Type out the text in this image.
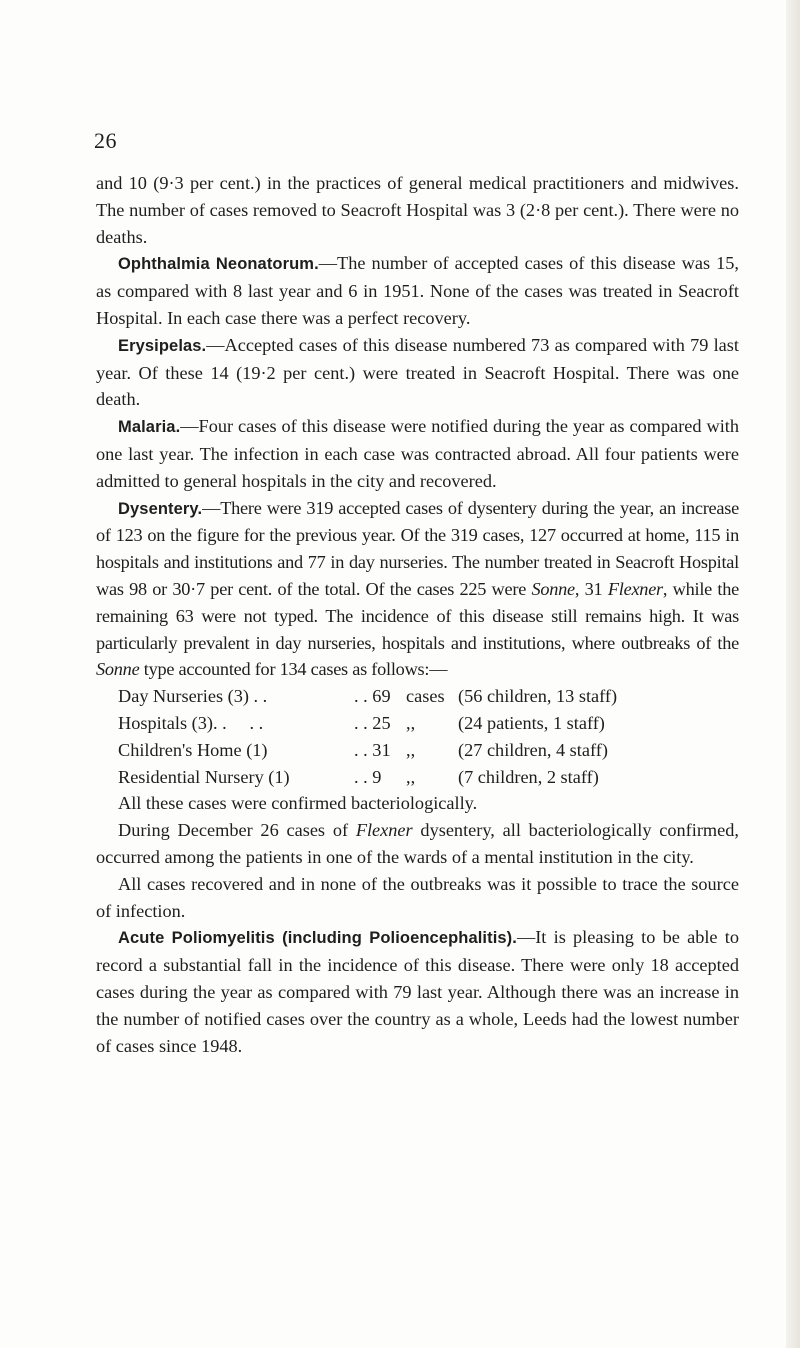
26

and 10 (9·3 per cent.) in the practices of general medical practitioners and midwives. The number of cases removed to Seacroft Hospital was 3 (2·8 per cent.). There were no deaths.

Ophthalmia Neonatorum.—The number of accepted cases of this disease was 15, as compared with 8 last year and 6 in 1951. None of the cases was treated in Seacroft Hospital. In each case there was a perfect recovery.

Erysipelas.—Accepted cases of this disease numbered 73 as compared with 79 last year. Of these 14 (19·2 per cent.) were treated in Seacroft Hospital. There was one death.

Malaria.—Four cases of this disease were notified during the year as compared with one last year. The infection in each case was contracted abroad. All four patients were admitted to general hospitals in the city and recovered.

Dysentery.—There were 319 accepted cases of dysentery during the year, an increase of 123 on the figure for the previous year. Of the 319 cases, 127 occurred at home, 115 in hospitals and institutions and 77 in day nurseries. The number treated in Seacroft Hospital was 98 or 30·7 per cent. of the total. Of the cases 225 were Sonne, 31 Flexner, while the remaining 63 were not typed. The incidence of this disease still remains high. It was particularly prevalent in day nurseries, hospitals and institutions, where outbreaks of the Sonne type accounted for 134 cases as follows:—

Day Nurseries (3) . .	. . 69	cases	(56 children, 13 staff)
Hospitals (3). .     . .	. . 25	,,	(24 patients, 1 staff)
Children's Home (1)	. . 31	,,	(27 children, 4 staff)
Residential Nursery (1)	. . 9	,,	(7 children, 2 staff)

All these cases were confirmed bacteriologically.

During December 26 cases of Flexner dysentery, all bacteriologically confirmed, occurred among the patients in one of the wards of a mental institution in the city.

All cases recovered and in none of the outbreaks was it possible to trace the source of infection.

Acute Poliomyelitis (including Polioencephalitis).—It is pleasing to be able to record a substantial fall in the incidence of this disease. There were only 18 accepted cases during the year as compared with 79 last year. Although there was an increase in the number of notified cases over the country as a whole, Leeds had the lowest number of cases since 1948.
